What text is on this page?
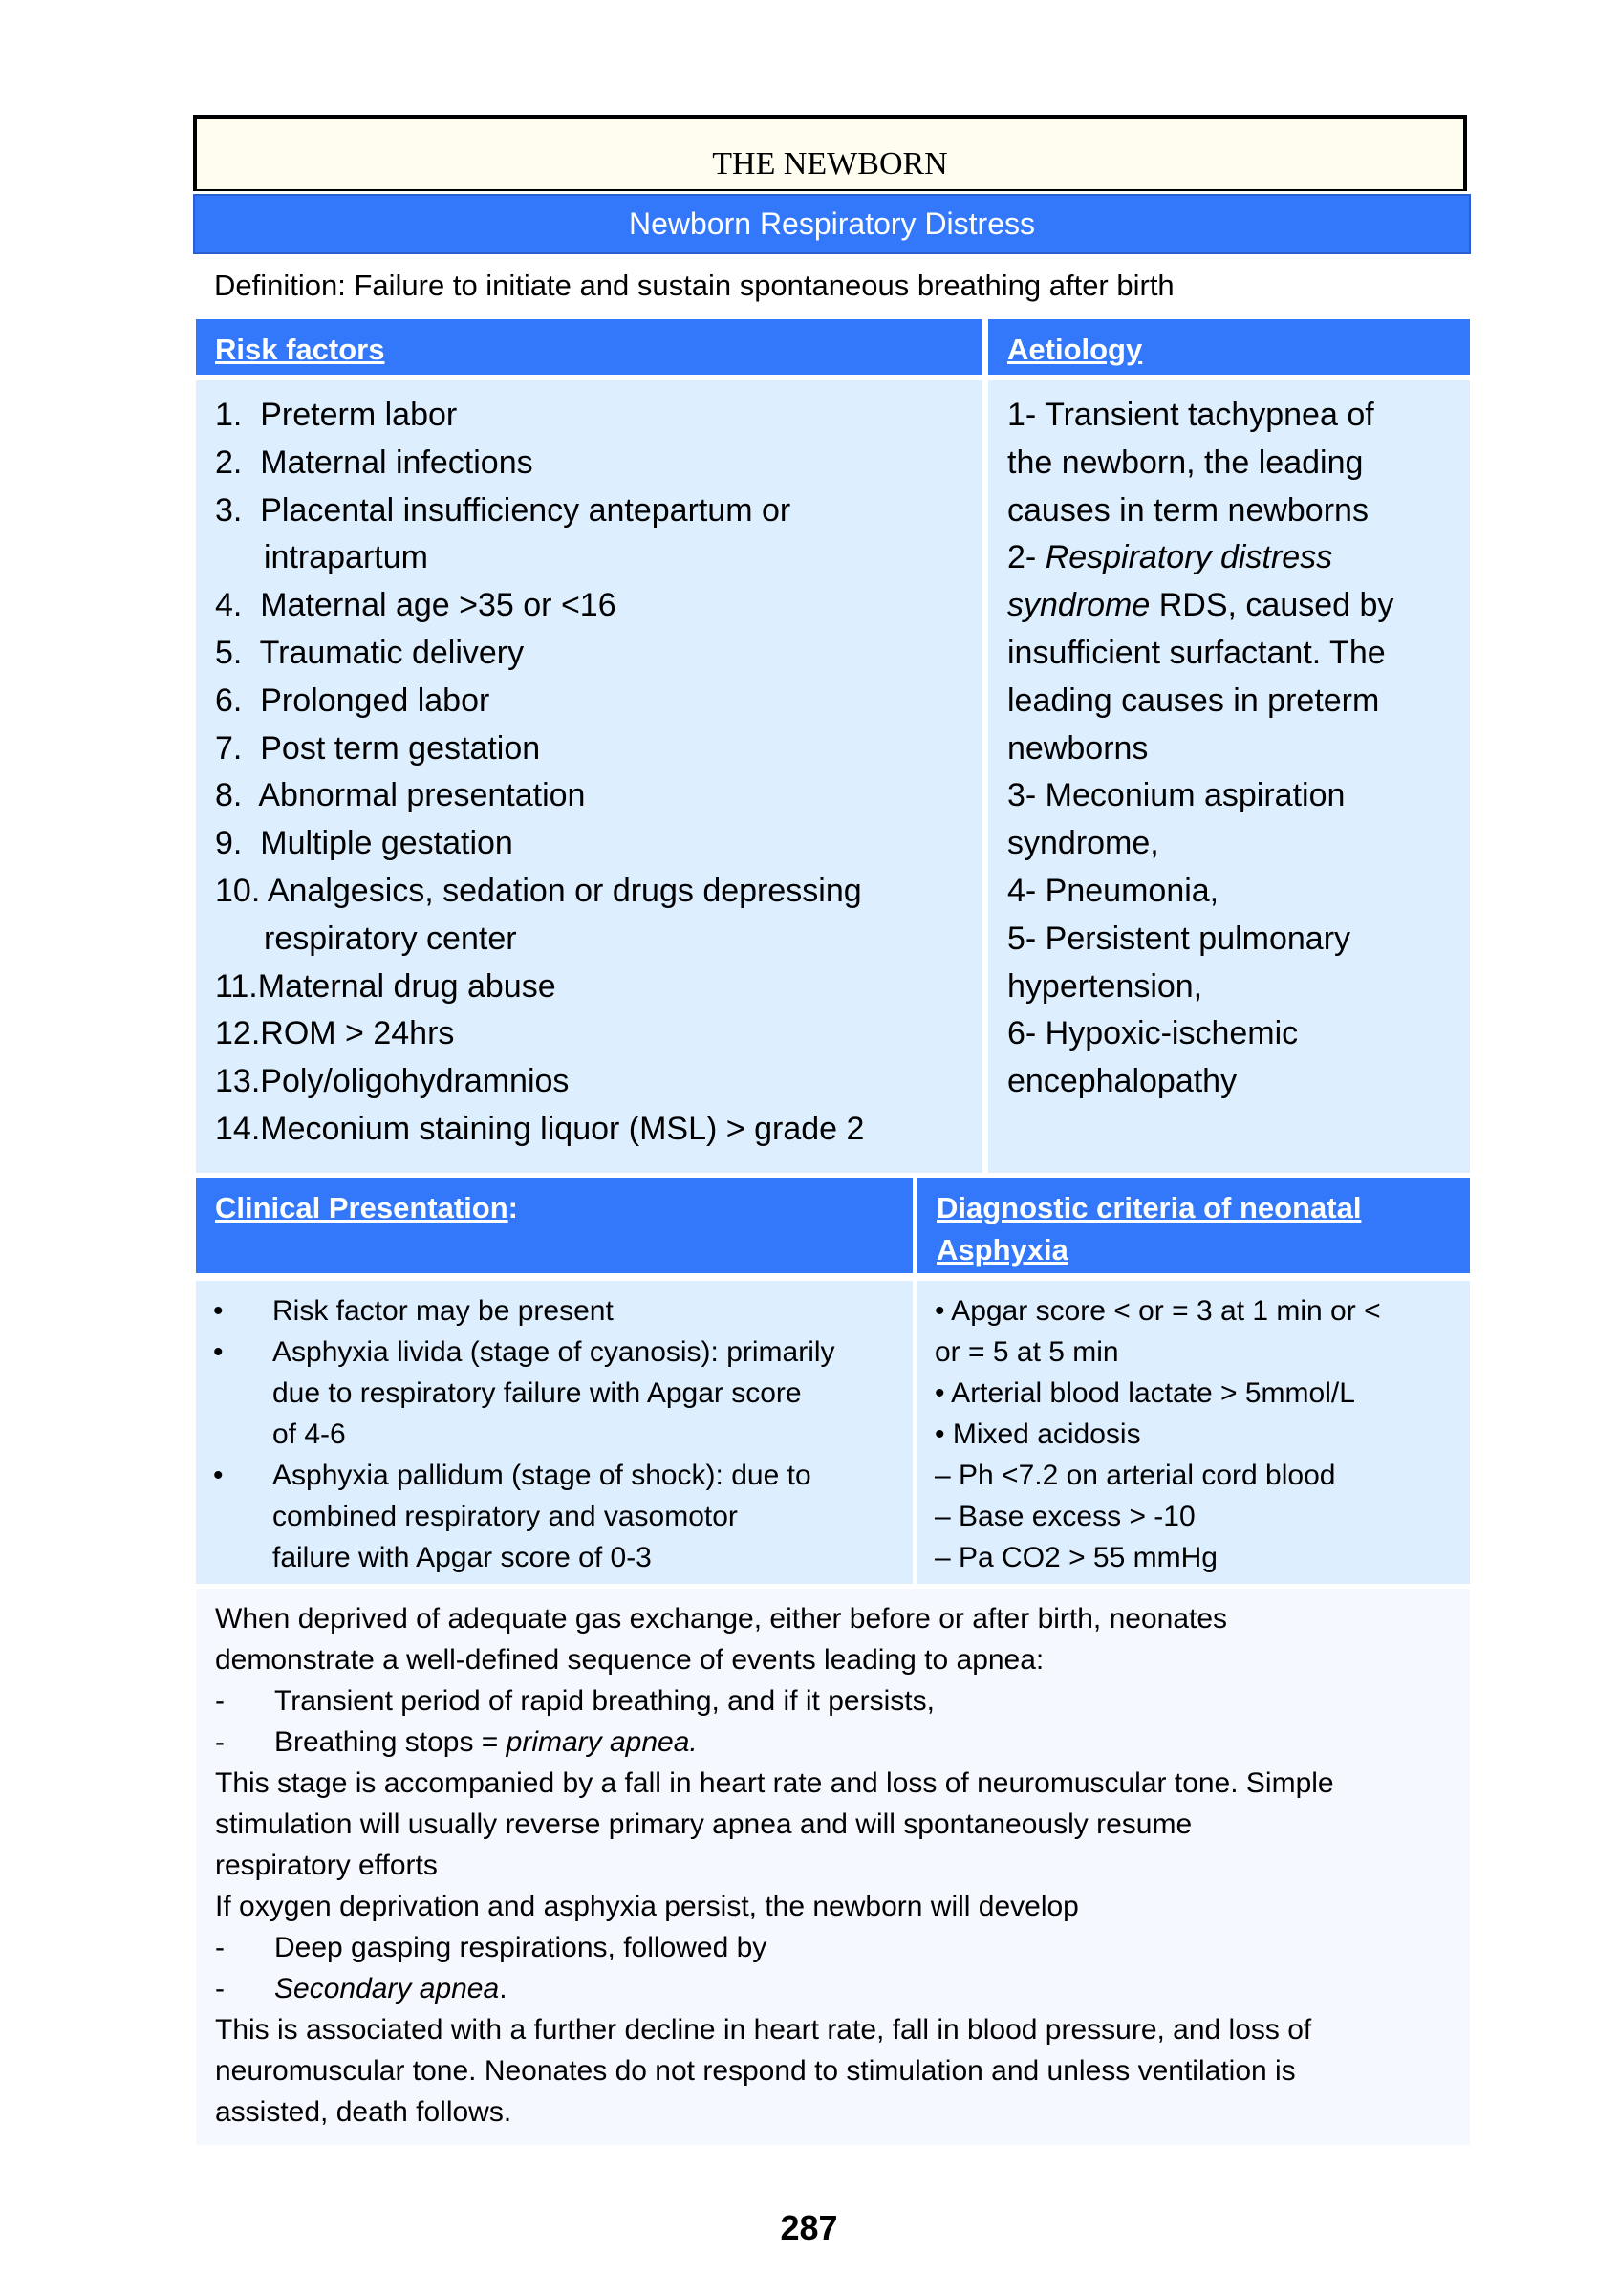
THE NEWBORN
Newborn Respiratory Distress
Definition: Failure to initiate and sustain spontaneous breathing after birth
Risk factors	Aetiology
1.  Preterm labor
2.  Maternal infections
3.  Placental insufficiency antepartum or
intrapartum
4.  Maternal age >35 or <16
5.  Traumatic delivery
6.  Prolonged labor
7.  Post term gestation
8.  Abnormal presentation
9.  Multiple gestation
10. Analgesics, sedation or drugs depressing
respiratory center
11.Maternal drug abuse
12.ROM > 24hrs
13.Poly/oligohydramnios
14.Meconium staining liquor (MSL) > grade 2
1- Transient tachypnea of
the newborn, the leading
causes in term newborns
2- Respiratory distress
syndrome RDS, caused by
insufficient surfactant. The
leading causes in preterm
newborns
3- Meconium aspiration
syndrome,
4- Pneumonia,
5- Persistent pulmonary
hypertension,
6- Hypoxic-ischemic
encephalopathy
Clinical Presentation:	Diagnostic criteria of neonatal
Asphyxia
• Risk factor may be present
• Asphyxia livida (stage of cyanosis): primarily
due to respiratory failure with Apgar score
of 4-6
• Asphyxia pallidum (stage of shock): due to
combined respiratory and vasomotor
failure with Apgar score of 0-3
• Apgar score < or = 3 at 1 min or <
or = 5 at 5 min
• Arterial blood lactate > 5mmol/L
• Mixed acidosis
– Ph <7.2 on arterial cord blood
– Base excess > -10
– Pa CO2 > 55 mmHg
When deprived of adequate gas exchange, either before or after birth, neonates
demonstrate a well-defined sequence of events leading to apnea:
- Transient period of rapid breathing, and if it persists,
- Breathing stops = primary apnea.
This stage is accompanied by a fall in heart rate and loss of neuromuscular tone. Simple
stimulation will usually reverse primary apnea and will spontaneously resume
respiratory efforts
If oxygen deprivation and asphyxia persist, the newborn will develop
- Deep gasping respirations, followed by
- Secondary apnea.
This is associated with a further decline in heart rate, fall in blood pressure, and loss of
neuromuscular tone. Neonates do not respond to stimulation and unless ventilation is
assisted, death follows.
287
